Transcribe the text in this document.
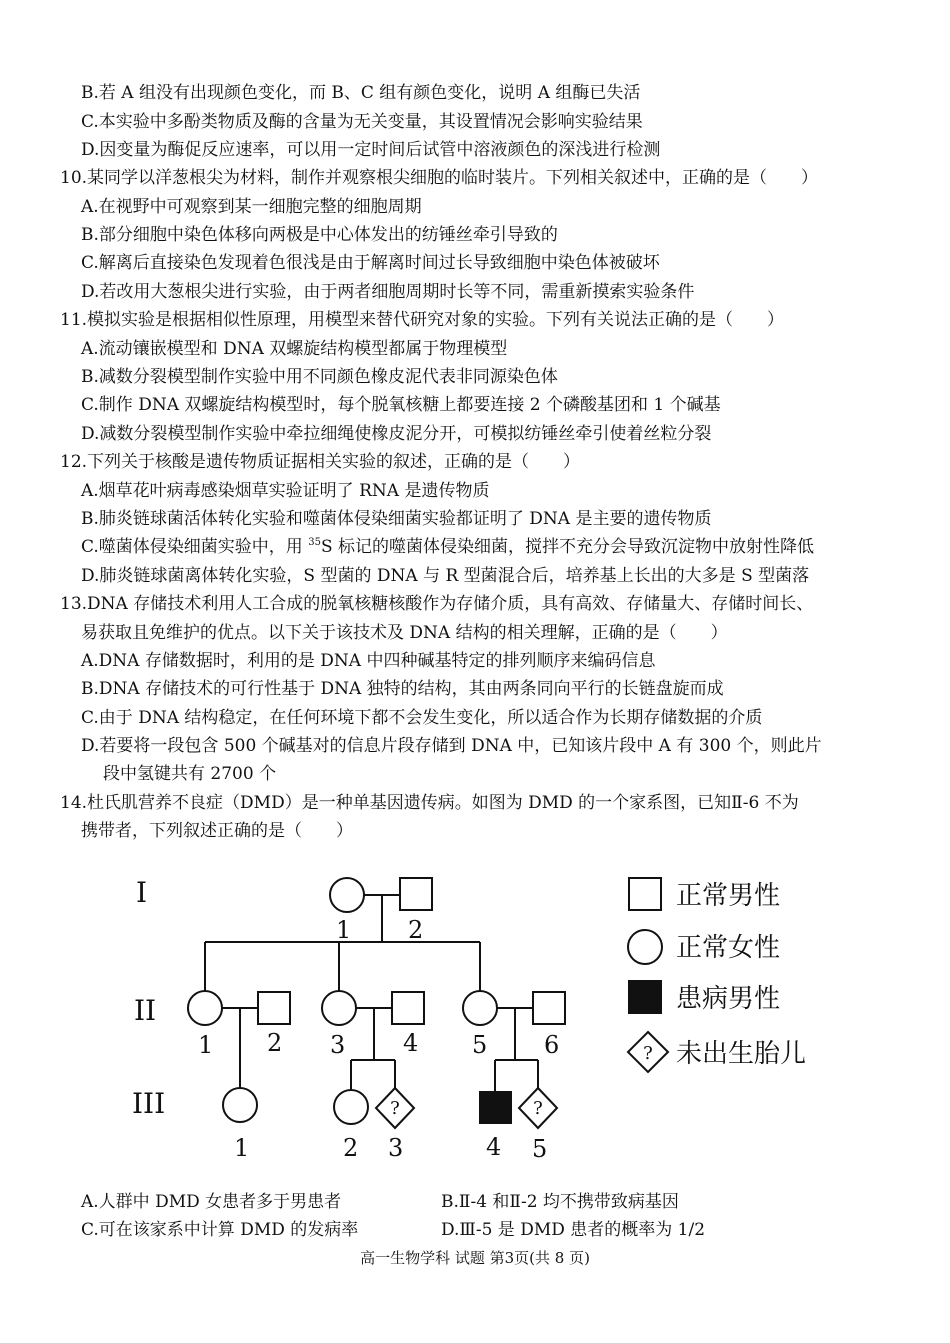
B.若 A 组没有出现颜色变化，而 B、C 组有颜色变化，说明 A 组酶已失活
C.本实验中多酚类物质及酶的含量为无关变量，其设置情况会影响实验结果
D.因变量为酶促反应速率，可以用一定时间后试管中溶液颜色的深浅进行检测
10.某同学以洋葱根尖为材料，制作并观察根尖细胞的临时装片。下列相关叙述中，正确的是（　　）
A.在视野中可观察到某一细胞完整的细胞周期
B.部分细胞中染色体移向两极是中心体发出的纺锤丝牵引导致的
C.解离后直接染色发现着色很浅是由于解离时间过长导致细胞中染色体被破坏
D.若改用大葱根尖进行实验，由于两者细胞周期时长等不同，需重新摸索实验条件
11.模拟实验是根据相似性原理，用模型来替代研究对象的实验。下列有关说法正确的是（　　）
A.流动镶嵌模型和 DNA 双螺旋结构模型都属于物理模型
B.减数分裂模型制作实验中用不同颜色橡皮泥代表非同源染色体
C.制作 DNA 双螺旋结构模型时，每个脱氧核糖上都要连接 2 个磷酸基团和 1 个碱基
D.减数分裂模型制作实验中牵拉细绳使橡皮泥分开，可模拟纺锤丝牵引使着丝粒分裂
12.下列关于核酸是遗传物质证据相关实验的叙述，正确的是（　　）
A.烟草花叶病毒感染烟草实验证明了 RNA 是遗传物质
B.肺炎链球菌活体转化实验和噬菌体侵染细菌实验都证明了 DNA 是主要的遗传物质
C.噬菌体侵染细菌实验中，用 $^{35}$S 标记的噬菌体侵染细菌，搅拌不充分会导致沉淀物中放射性降低
D.肺炎链球菌离体转化实验，S 型菌的 DNA 与 R 型菌混合后，培养基上长出的大多是 S 型菌落
13.DNA 存储技术利用人工合成的脱氧核糖核酸作为存储介质，具有高效、存储量大、存储时间长、
易获取且免维护的优点。以下关于该技术及 DNA 结构的相关理解，正确的是（　　）
A.DNA 存储数据时，利用的是 DNA 中四种碱基特定的排列顺序来编码信息
B.DNA 存储技术的可行性基于 DNA 独特的结构，其由两条同向平行的长链盘旋而成
C.由于 DNA 结构稳定，在任何环境下都不会发生变化，所以适合作为长期存储数据的介质
D.若要将一段包含 500 个碱基对的信息片段存储到 DNA 中，已知该片段中 A 有 300 个，则此片
段中氢键共有 2700 个
14.杜氏肌营养不良症（DMD）是一种单基因遗传病。如图为 DMD 的一个家系图，已知Ⅱ-6 不为
携带者，下列叙述正确的是（　　）
I
II
III
1 2
1 2 3 4 5 6
1	2 3	4 5
?	?
?
正常男性
正常女性
患病男性
未出生胎儿
A.人群中 DMD 女患者多于男患者	B.Ⅱ-4 和Ⅱ-2 均不携带致病基因
C.可在该家系中计算 DMD 的发病率	D.Ⅲ-5 是 DMD 患者的概率为 1/2
高一生物学科 试题 第3页(共 8 页)
